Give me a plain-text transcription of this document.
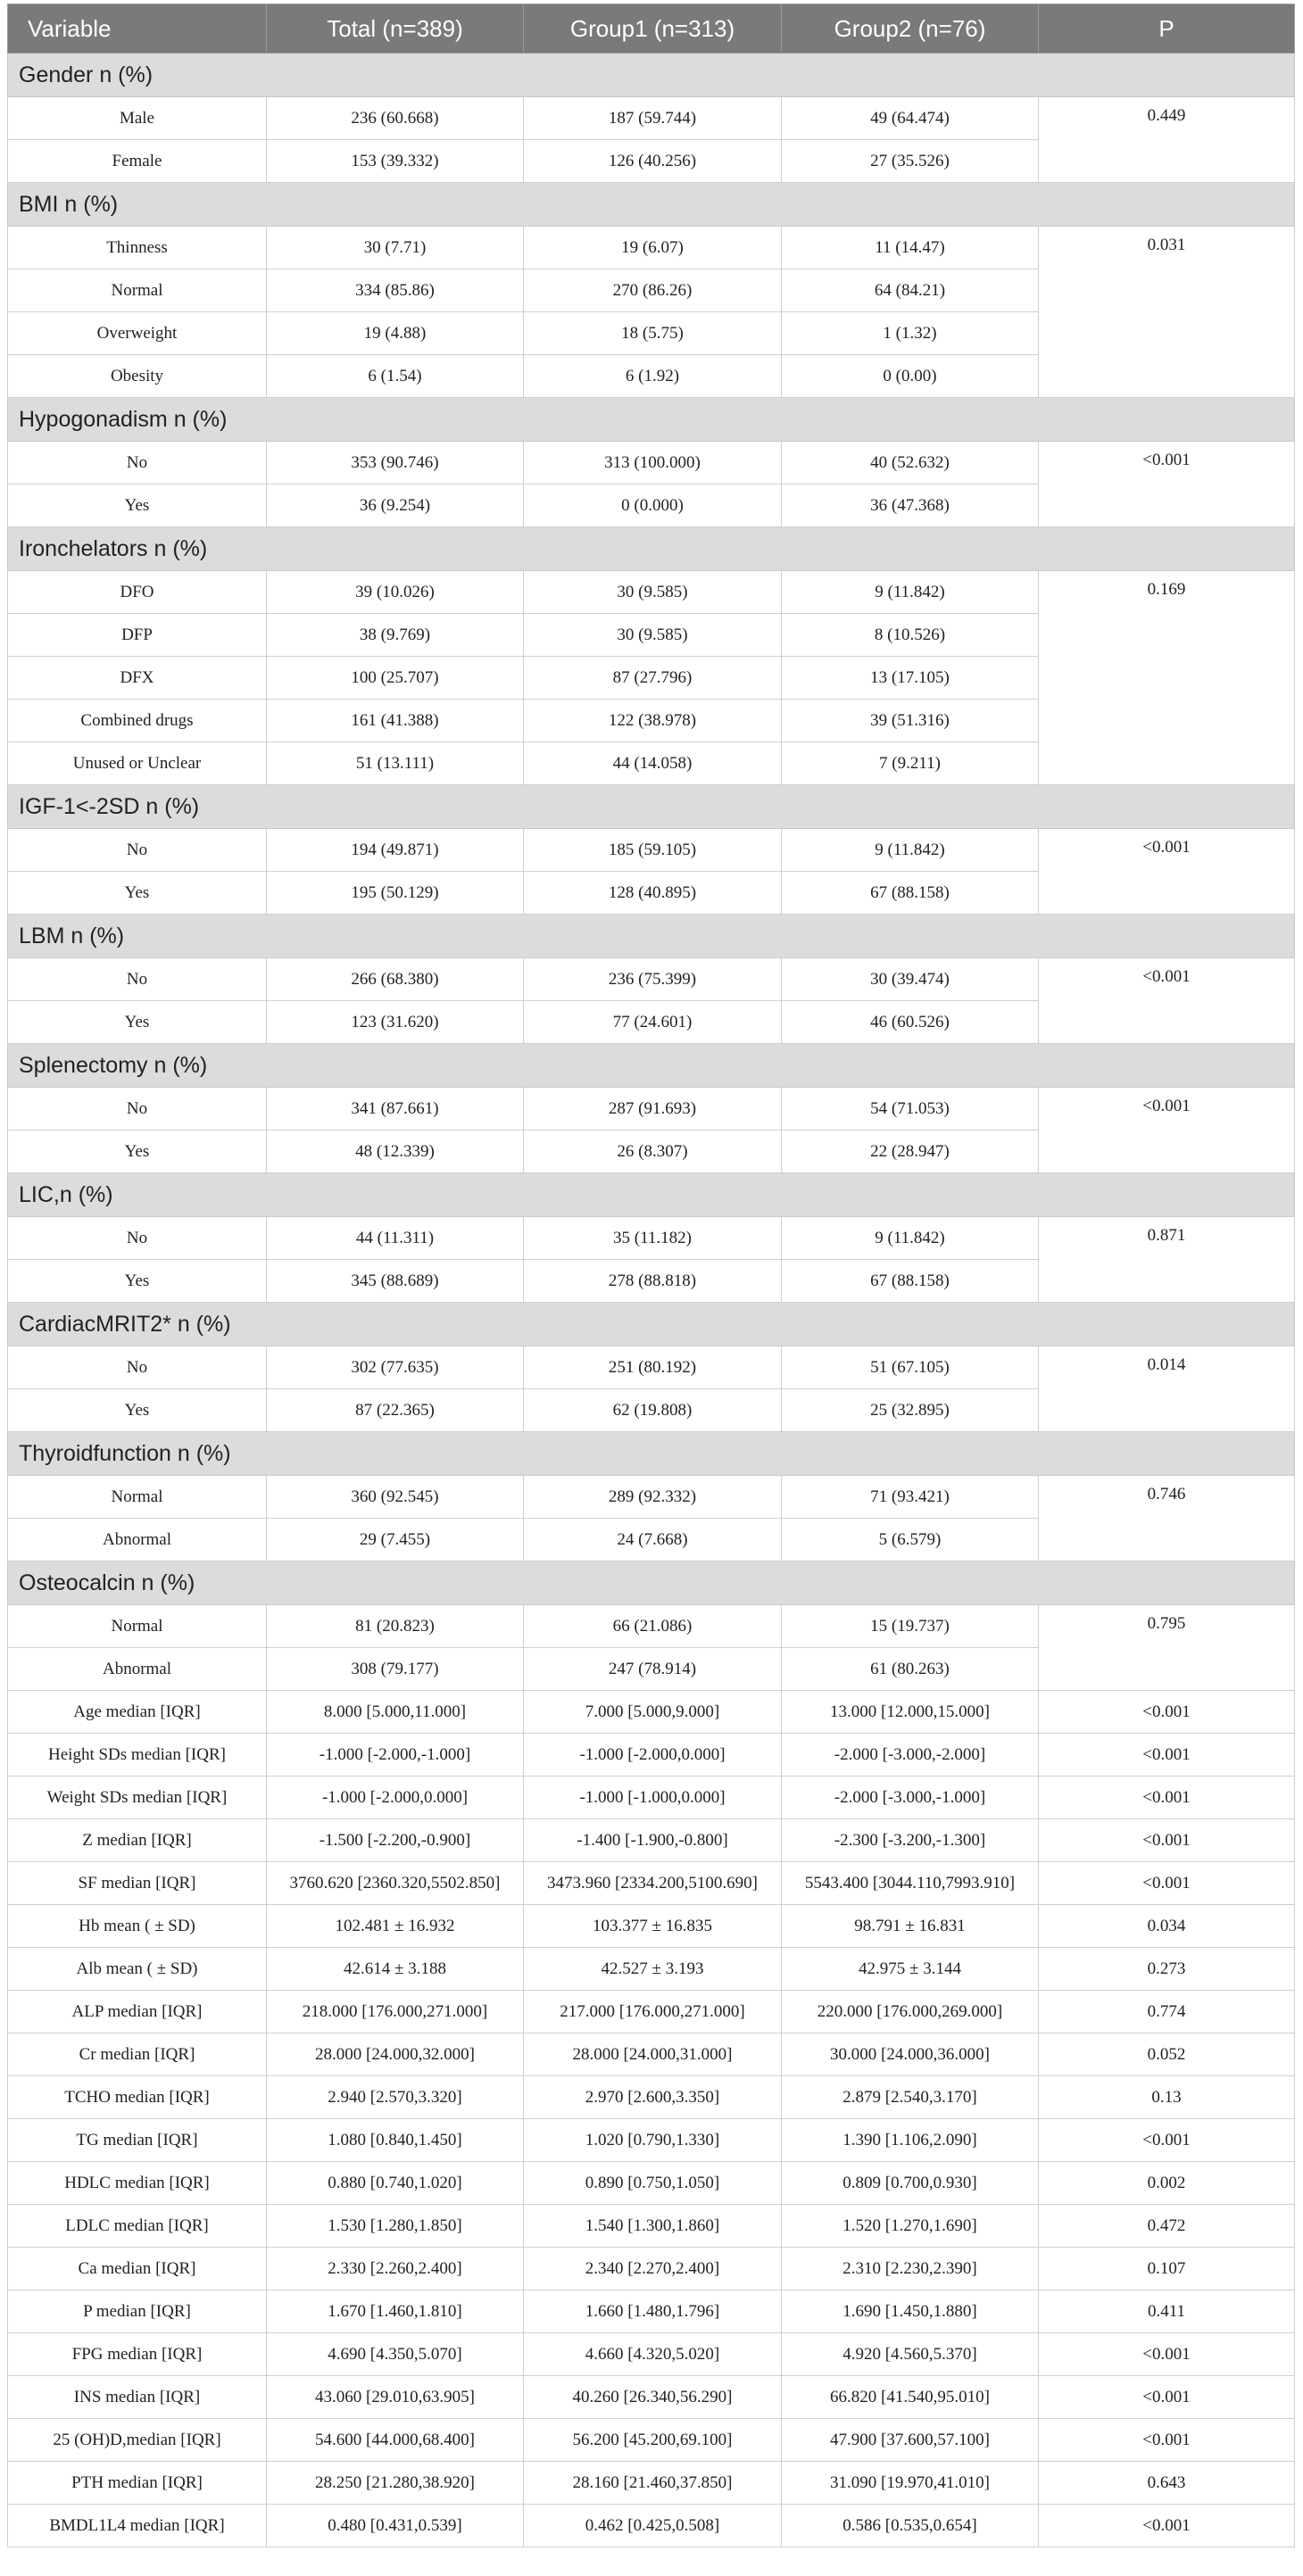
Variable	Total (n=389)	Group1 (n=313)	Group2 (n=76)	P
Gender n (%)				
Male	236 (60.668)	187 (59.744)	49 (64.474)	0.449
Female	153 (39.332)	126 (40.256)	27 (35.526)	
BMI n (%)				
Thinness	30 (7.71)	19 (6.07)	11 (14.47)	0.031
Normal	334 (85.86)	270 (86.26)	64 (84.21)	
Overweight	19 (4.88)	18 (5.75)	1 (1.32)	
Obesity	6 (1.54)	6 (1.92)	0 (0.00)	
Hypogonadism n (%)				
No	353 (90.746)	313 (100.000)	40 (52.632)	<0.001
Yes	36 (9.254)	0 (0.000)	36 (47.368)	
Ironchelators n (%)				
DFO	39 (10.026)	30 (9.585)	9 (11.842)	0.169
DFP	38 (9.769)	30 (9.585)	8 (10.526)	
DFX	100 (25.707)	87 (27.796)	13 (17.105)	
Combined drugs	161 (41.388)	122 (38.978)	39 (51.316)	
Unused or Unclear	51 (13.111)	44 (14.058)	7 (9.211)	
IGF-1<-2SD n (%)				
No	194 (49.871)	185 (59.105)	9 (11.842)	<0.001
Yes	195 (50.129)	128 (40.895)	67 (88.158)	
LBM n (%)				
No	266 (68.380)	236 (75.399)	30 (39.474)	<0.001
Yes	123 (31.620)	77 (24.601)	46 (60.526)	
Splenectomy n (%)				
No	341 (87.661)	287 (91.693)	54 (71.053)	<0.001
Yes	48 (12.339)	26 (8.307)	22 (28.947)	
LIC,n (%)				
No	44 (11.311)	35 (11.182)	9 (11.842)	0.871
Yes	345 (88.689)	278 (88.818)	67 (88.158)	
CardiacMRIT2* n (%)				
No	302 (77.635)	251 (80.192)	51 (67.105)	0.014
Yes	87 (22.365)	62 (19.808)	25 (32.895)	
Thyroidfunction n (%)				
Normal	360 (92.545)	289 (92.332)	71 (93.421)	0.746
Abnormal	29 (7.455)	24 (7.668)	5 (6.579)	
Osteocalcin n (%)				
Normal	81 (20.823)	66 (21.086)	15 (19.737)	0.795
Abnormal	308 (79.177)	247 (78.914)	61 (80.263)	
Age median [IQR]	8.000 [5.000,11.000]	7.000 [5.000,9.000]	13.000 [12.000,15.000]	<0.001
Height SDs median [IQR]	-1.000 [-2.000,-1.000]	-1.000 [-2.000,0.000]	-2.000 [-3.000,-2.000]	<0.001
Weight SDs median [IQR]	-1.000 [-2.000,0.000]	-1.000 [-1.000,0.000]	-2.000 [-3.000,-1.000]	<0.001
Z median [IQR]	-1.500 [-2.200,-0.900]	-1.400 [-1.900,-0.800]	-2.300 [-3.200,-1.300]	<0.001
SF median [IQR]	3760.620 [2360.320,5502.850]	3473.960 [2334.200,5100.690]	5543.400 [3044.110,7993.910]	<0.001
Hb mean ( ± SD)	102.481 ± 16.932	103.377 ± 16.835	98.791 ± 16.831	0.034
Alb mean ( ± SD)	42.614 ± 3.188	42.527 ± 3.193	42.975 ± 3.144	0.273
ALP median [IQR]	218.000 [176.000,271.000]	217.000 [176.000,271.000]	220.000 [176.000,269.000]	0.774
Cr median [IQR]	28.000 [24.000,32.000]	28.000 [24.000,31.000]	30.000 [24.000,36.000]	0.052
TCHO median [IQR]	2.940 [2.570,3.320]	2.970 [2.600,3.350]	2.879 [2.540,3.170]	0.13
TG median [IQR]	1.080 [0.840,1.450]	1.020 [0.790,1.330]	1.390 [1.106,2.090]	<0.001
HDLC median [IQR]	0.880 [0.740,1.020]	0.890 [0.750,1.050]	0.809 [0.700,0.930]	0.002
LDLC median [IQR]	1.530 [1.280,1.850]	1.540 [1.300,1.860]	1.520 [1.270,1.690]	0.472
Ca median [IQR]	2.330 [2.260,2.400]	2.340 [2.270,2.400]	2.310 [2.230,2.390]	0.107
P median [IQR]	1.670 [1.460,1.810]	1.660 [1.480,1.796]	1.690 [1.450,1.880]	0.411
FPG median [IQR]	4.690 [4.350,5.070]	4.660 [4.320,5.020]	4.920 [4.560,5.370]	<0.001
INS median [IQR]	43.060 [29.010,63.905]	40.260 [26.340,56.290]	66.820 [41.540,95.010]	<0.001
25 (OH)D,median [IQR]	54.600 [44.000,68.400]	56.200 [45.200,69.100]	47.900 [37.600,57.100]	<0.001
PTH median [IQR]	28.250 [21.280,38.920]	28.160 [21.460,37.850]	31.090 [19.970,41.010]	0.643
BMDL1L4 median [IQR]	0.480 [0.431,0.539]	0.462 [0.425,0.508]	0.586 [0.535,0.654]	<0.001
